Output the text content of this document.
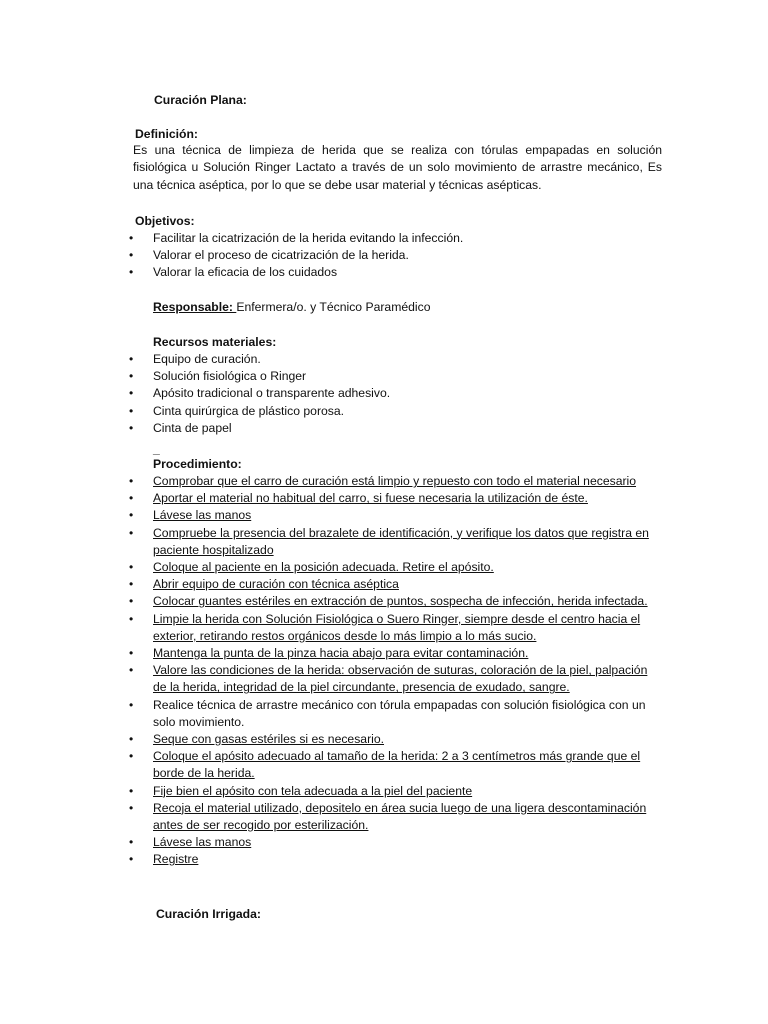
Curación Plana:
Definición:
Es una técnica de limpieza de herida que se realiza con tórulas empapadas en solución
fisiológica u Solución Ringer Lactato a través de un solo movimiento de arrastre mecánico, Es
una técnica aséptica, por lo que se debe usar material y técnicas asépticas.
Objetivos:
• Facilitar la cicatrización de la herida evitando la infección.
• Valorar el proceso de cicatrización de la herida.
• Valorar la eficacia de los cuidados
Responsable: Enfermera/o. y Técnico Paramédico
Recursos materiales:
• Equipo de curación.
• Solución fisiológica o Ringer
• Apósito tradicional o transparente adhesivo.
• Cinta quirúrgica de plástico porosa.
• Cinta de papel
_
Procedimiento:
• Comprobar que el carro de curación está limpio y repuesto con todo el material necesario
• Aportar el material no habitual del carro, si fuese necesaria la utilización de éste.
• Lávese las manos
• Compruebe la presencia del brazalete de identificación, y verifique los datos que registra en paciente hospitalizado
• Coloque al paciente en la posición adecuada. Retire el apósito.
• Abrir equipo de curación con técnica aséptica
• Colocar guantes estériles en extracción de puntos, sospecha de infección, herida infectada.
• Limpie la herida con Solución Fisiológica o Suero Ringer, siempre desde el centro hacia el exterior, retirando restos orgánicos desde lo más limpio a lo más sucio.
• Mantenga la punta de la pinza hacia abajo para evitar contaminación.
• Valore las condiciones de la herida: observación de suturas, coloración de la piel, palpación de la herida, integridad de la piel circundante, presencia de exudado, sangre.
• Realice técnica de arrastre mecánico con tórula empapadas con solución fisiológica con un solo movimiento.
• Seque con gasas estériles si es necesario.
• Coloque el apósito adecuado al tamaño de la herida: 2 a 3 centímetros más grande que el borde de la herida.
• Fije bien el apósito con tela adecuada a la piel del paciente
• Recoja el material utilizado, depositelo en área sucia luego de una ligera descontaminación antes de ser recogido por esterilización.
• Lávese las manos
• Registre
Curación Irrigada:
